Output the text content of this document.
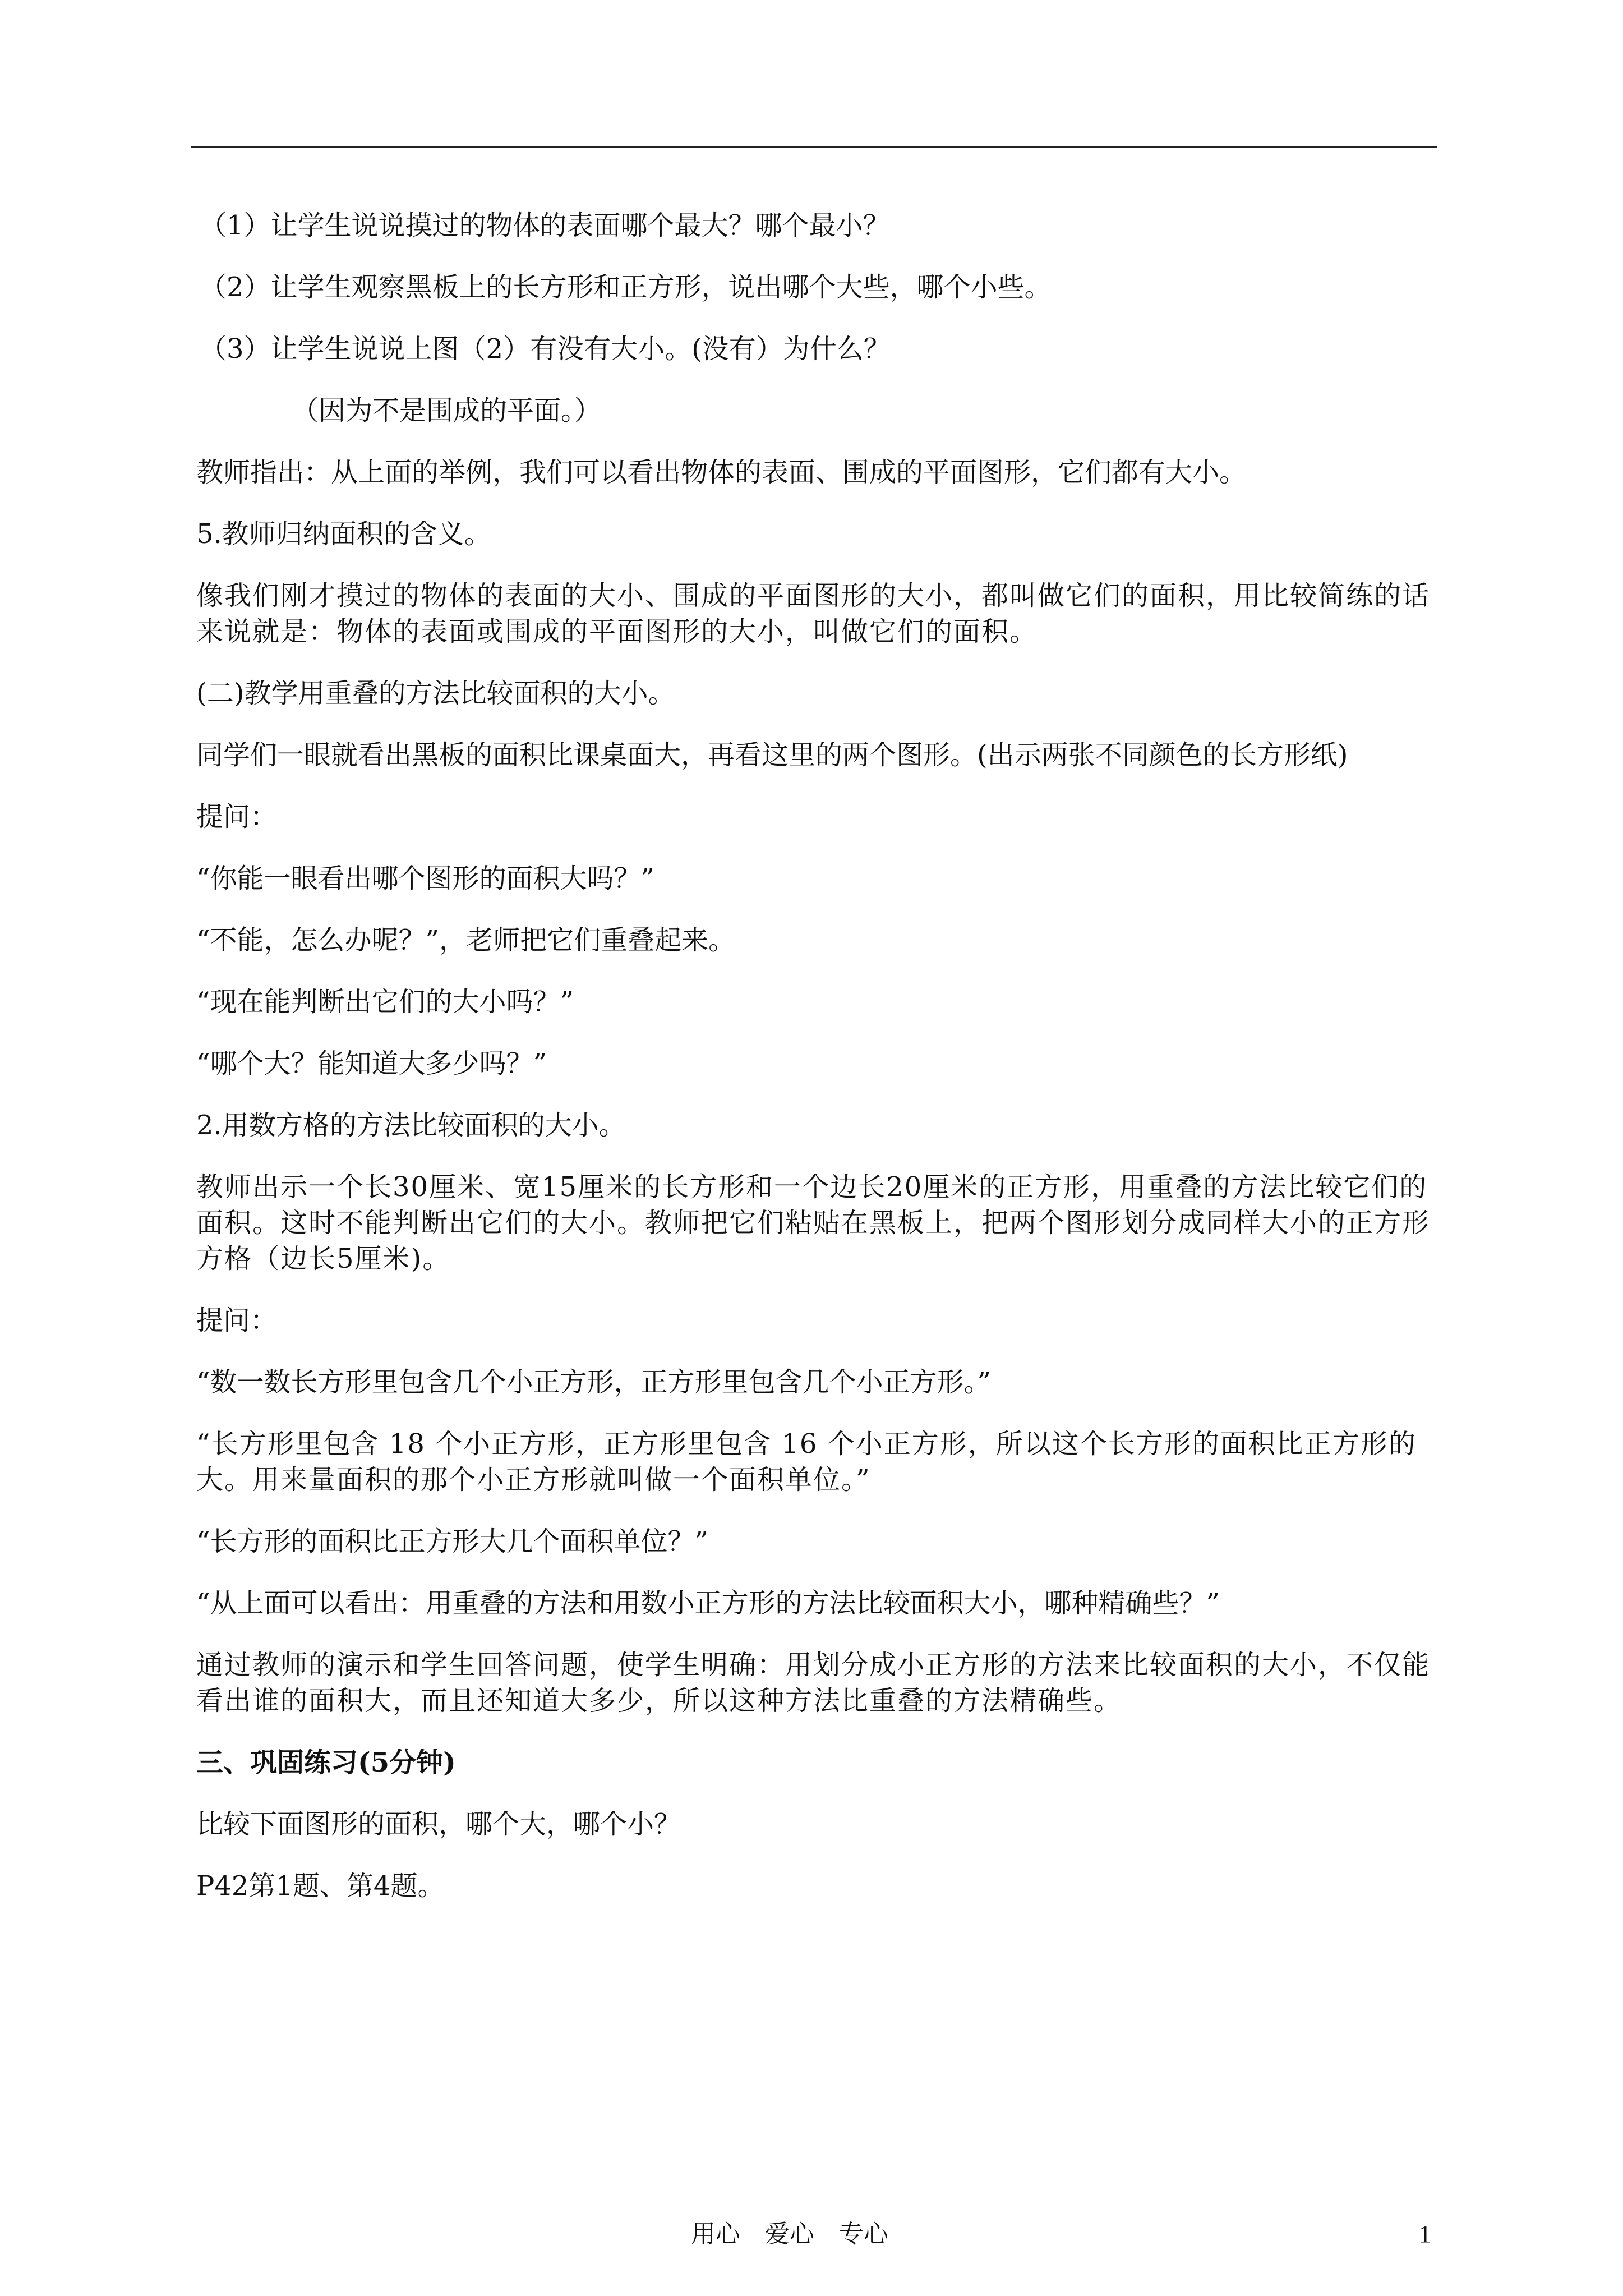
（1）让学生说说摸过的物体的表面哪个最大？哪个最小？

（2）让学生观察黑板上的长方形和正方形，说出哪个大些，哪个小些。

（3）让学生说说上图（2）有没有大小。(没有）为什么？

（因为不是围成的平面。）

教师指出：从上面的举例，我们可以看出物体的表面、围成的平面图形，它们都有大小。

5.教师归纳面积的含义。

像我们刚才摸过的物体的表面的大小、围成的平面图形的大小，都叫做它们的面积，用比较简练的话来说就是：物体的表面或围成的平面图形的大小，叫做它们的面积。

(二)教学用重叠的方法比较面积的大小。

同学们一眼就看出黑板的面积比课桌面大，再看这里的两个图形。(出示两张不同颜色的长方形纸)

提问：

“你能一眼看出哪个图形的面积大吗？”

“不能，怎么办呢？”，老师把它们重叠起来。

“现在能判断出它们的大小吗？”

“哪个大？能知道大多少吗？”

2.用数方格的方法比较面积的大小。

教师出示一个长30厘米、宽15厘米的长方形和一个边长20厘米的正方形，用重叠的方法比较它们的面积。这时不能判断出它们的大小。教师把它们粘贴在黑板上，把两个图形划分成同样大小的正方形方格（边长5厘米)。

提问：

“数一数长方形里包含几个小正方形，正方形里包含几个小正方形。”

“长方形里包含 18 个小正方形，正方形里包含 16 个小正方形，所以这个长方形的面积比正方形的大。用来量面积的那个小正方形就叫做一个面积单位。”

“长方形的面积比正方形大几个面积单位？”

“从上面可以看出：用重叠的方法和用数小正方形的方法比较面积大小，哪种精确些？”

通过教师的演示和学生回答问题，使学生明确：用划分成小正方形的方法来比较面积的大小，不仅能看出谁的面积大，而且还知道大多少，所以这种方法比重叠的方法精确些。

三、巩固练习(5分钟)

比较下面图形的面积，哪个大，哪个小？

P42第1题、第4题。

用心 爱心 专心	1
